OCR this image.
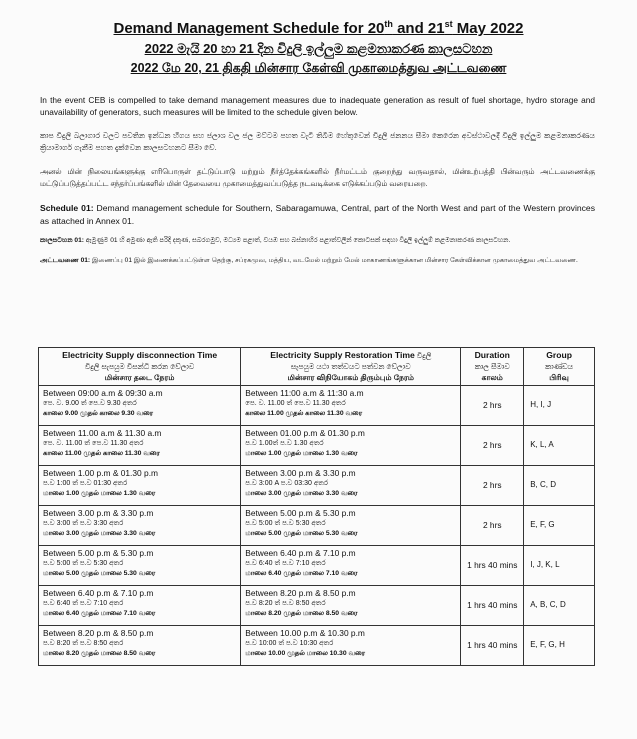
Demand Management Schedule for 20th and 21st May 2022
2022 මැයි 20 හා 21 දින විදුලි ඉල්ලුම කළමනාකරණ කාලසටහන
2022 மே 20, 21 திகதி மின்சார கேள்வி முகாமைத்துவ அட்டவணை

In the event CEB is compelled to take demand management measures due to inadequate generation as result of fuel shortage, hydro storage and unavailability of generators, such measures will be limited to the schedule given below.

කාප විදුලි බලාගාර වලට පවතින ඉන්ධන හිගය සහ ජලාශ වල ජල මට්ටම පහත වැටී තිබීම හේතුවෙන් විදුලි ජනනය සීමා කෙරෙන අවස්ථාවලදී විදුලි ඉල්ලුම කළමනාකරණය ක්‍රියාමාර්ග ගැනීම පහත දැක්වෙන කාලසටහනට සීමා වේ.

அனல் மின் நிலையங்களுக்கு எரிபொருள் தட்டுப்பாடு மற்றும் நீர்த்தேக்கங்களில் நீர்மட்டம் குறைந்து வருவதால், மின்உற்பத்தி பின்வரும் அட்டவணைக்கு மட்டுப்படுத்தப்பட்ட சந்தர்ப்பங்களில் மின் தேவையை முகாமைத்துவப்படுத்த நடவடிக்கை எடுக்கப்படும் வரையறை.

Schedule 01: Demand management schedule for Southern, Sabaragamuwa, Central, part of the North West and part of the Western provinces as attached in Annex 01.

කාලසටහන 01: ඇමුණුම 01 හි අමුණා ඇති පරිදි දකුණ, සබරගමුව, මධ්‍යම පළාත්, වයඹ සහ බස්නාහිර පළාත්වලින් කොටසක් සඳහා විදුලි ඉල්ලුම් කළමනාකරණ කාලසටහන.

அட்டவணை 01: இணைப்பு 01 இல் இணைக்கப்பட்டுள்ள தெற்கு, சப்ரகமுவ, மத்திய, வடமேல் மற்றும் மேல் மாகாணங்களுக்கான மின்சார கேள்விக்கான முகாமைத்துவ அட்டவணை.

Electricity Supply disconnection Time
විදුලි සැපයුම විසන්ධි කරන වේලාව
மின்சார தடை நேரம்	Electricity Supply Restoration Time විදුලි
සැපයුම යථා තත්වයට පත්වන වේලාව
மின்சார விநியோகம் திரும்பும் நேரம்	Duration
කාල සීමාව
காலம்	Group
කාණ්ඩය
பிரிவு

Between 09:00 a.m & 09:30 a.m
පෙ. ව. 9.00 ත් පෙ.ව 9.30 අතර
காலை 9.00 முதல் காலை 9.30 வரை	Between 11:00 a.m & 11:30 a.m
පෙ. ව. 11.00 ත් පෙ.ව 11.30 අතර
காலை 11.00 முதல் காலை 11.30 வரை	2 hrs	H, I, J
Between 11.00 a.m & 11.30 a.m
පෙ. ව. 11.00 ත් පෙ.ව 11.30 අතර
காலை 11.00 முதல் காலை 11.30 வரை	Between 01.00 p.m & 01.30 p.m
ප.ව 1.00ත් ප.ව 1.30 අතර
மாலை 1.00 முதல் மாலை 1.30 வரை	2 hrs	K, L, A
Between 1.00 p.m & 01.30 p.m
ප.ව 1:00 ත් ප.ව 01:30 අතර
மாலை 1.00 முதல் மாலை 1.30 வரை	Between 3.00 p.m & 3.30 p.m
ප.ව 3:00 A ප.ව 03:30 අතර
மாலை 3.00 முதல் மாலை 3.30 வரை	2 hrs	B, C, D
Between 3.00 p.m & 3.30 p.m
ප.ව 3:00 ත් ප.ව 3:30 අතර
மாலை 3.00 முதல் மாலை 3.30 வரை	Between 5.00 p.m & 5.30 p.m
ප.ව 5:00 ත් ප.ව 5:30 අතර
மாலை 5.00 முதல் மாலை 5.30 வரை	2 hrs	E, F, G
Between 5.00 p.m & 5.30 p.m
ප.ව 5:00 ත් ප.ව 5:30 අතර
மாலை 5.00 முதல் மாலை 5.30 வரை	Between 6.40 p.m & 7.10 p.m
ප.ව 6:40 ත් ප.ව 7:10 අතර
மாலை 6.40 முதல் மாலை 7.10 வரை	1 hrs 40 mins	I, J, K, L
Between 6.40 p.m & 7.10 p.m
ප.ව 6:40 ත් ප.ව 7:10 අතර
மாலை 6.40 முதல் மாலை 7.10 வரை	Between 8.20 p.m & 8.50 p.m
ප.ව 8:20 ත් ප.ව 8:50 අතර
மாலை 8.20 முதல் மாலை 8.50 வரை	1 hrs 40 mins	A, B, C, D
Between 8.20 p.m & 8.50 p.m
ප.ව 8:20 ත් ප.ව 8:50 අතර
மாலை 8.20 முதல் மாலை 8.50 வரை	Between 10.00 p.m & 10.30 p.m
ප.ව 10:00 ත් ප.ව 10:30 අතර
மாலை 10.00 முதல் மாலை 10.30 வரை	1 hrs 40 mins	E, F, G, H
